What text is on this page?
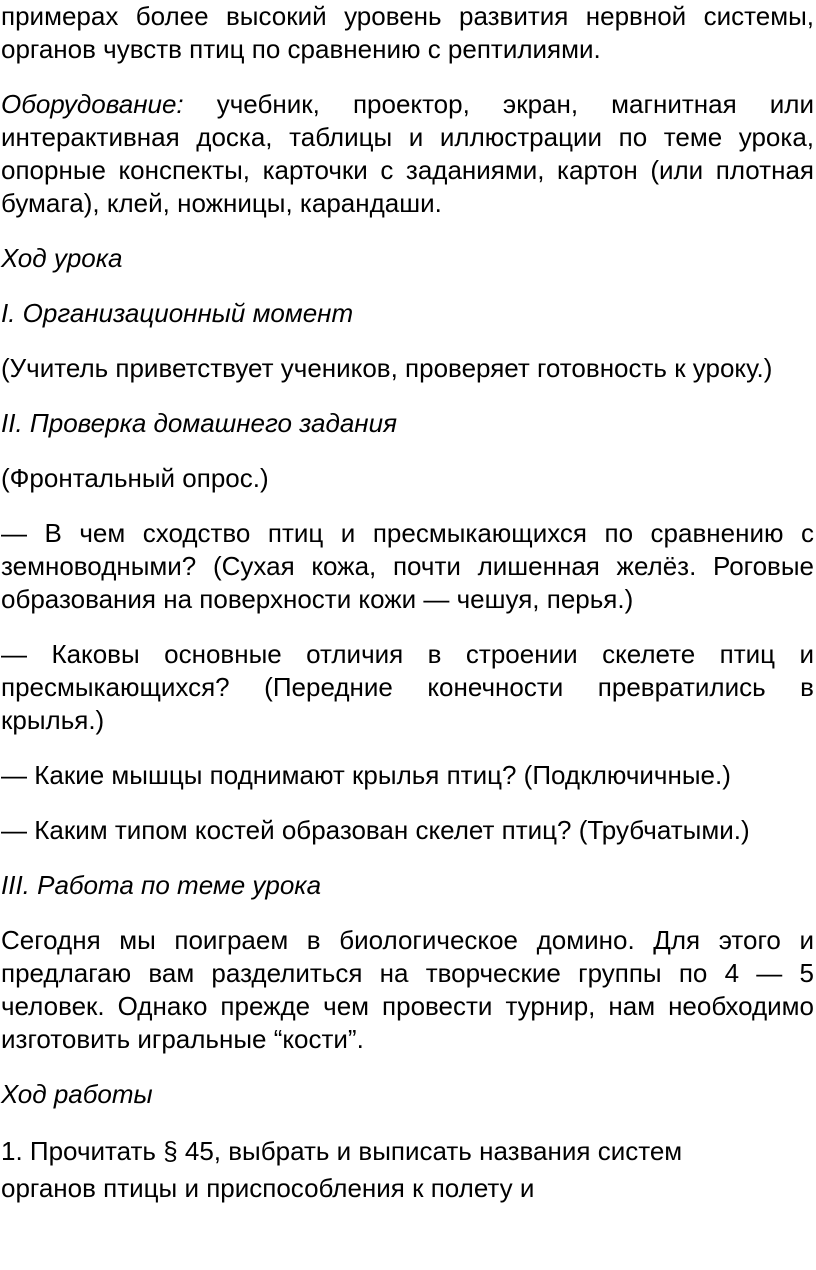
примерах более высокий уровень развития нервной системы, органов чувств птиц по сравнению с рептилиями.

Оборудование: учебник, проектор, экран, магнитная или интерактивная доска, таблицы и иллюстрации по теме урока, опорные конспекты, карточки с заданиями, картон (или плотная бумага), клей, ножницы, карандаши.

Ход урока

I. Организационный момент

(Учитель приветствует учеников, проверяет готовность к уроку.)

II. Проверка домашнего задания

(Фронтальный опрос.)

— В чем сходство птиц и пресмыкающихся по сравнению с земноводными? (Сухая кожа, почти лишенная желёз. Роговые образования на поверхности кожи — чешуя, перья.)

— Каковы основные отличия в строении скелете птиц и пресмыкающихся? (Передние конечности превратились в крылья.)

— Какие мышцы поднимают крылья птиц? (Подключичные.)

— Каким типом костей образован скелет птиц? (Трубчатыми.)

III. Работа по теме урока

Сегодня мы поиграем в биологическое домино. Для этого и предлагаю вам разделиться на творческие группы по 4 — 5 человек. Однако прежде чем провести турнир, нам необходимо изготовить игральные “кости”.

Ход работы

1. Прочитать § 45, выбрать и выписать названия систем
органов птицы и приспособления к полету и
